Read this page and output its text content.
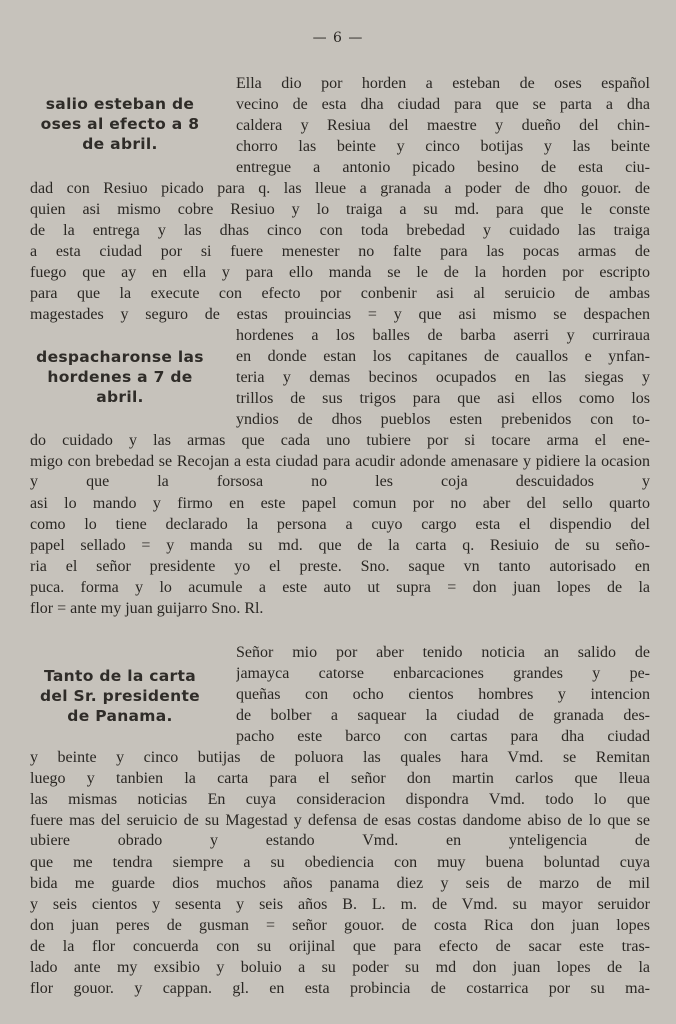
— 6 —
salio esteban de
oses al efecto a 8
de abril.
despacharonse las
hordenes a 7 de
abril.
Ella dio por horden a esteban de oses español
vecino de esta dha ciudad para que se parta a dha
caldera y Resiua del maestre y dueño del chin-
chorro las beinte y cinco botijas y las beinte
entregue a antonio picado besino de esta ciu-
dad con Resiuo picado para q. las lleue a granada a poder de dho gouor. de
quien asi mismo cobre Resiuo y lo traiga a su md. para que le conste
de la entrega y las dhas cinco con toda brebedad y cuidado las traiga
a esta ciudad por si fuere menester no falte para las pocas armas de
fuego que ay en ella y para ello manda se le de la horden por escripto
para que la execute con efecto por conbenir asi al seruicio de ambas
magestades y seguro de estas prouincias = y que asi mismo se despachen
hordenes a los balles de barba aserri y curriraua
en donde estan los capitanes de cauallos e ynfan-
teria y demas becinos ocupados en las siegas y
trillos de sus trigos para que asi ellos como los
yndios de dhos pueblos esten prebenidos con to-
do cuidado y las armas que cada uno tubiere por si tocare arma el ene-
migo con brebedad se Recojan a esta ciudad para acudir adonde amenasare y pidiere la ocasion y que la forsosa no les coja descuidados y
asi lo mando y firmo en este papel comun por no aber del sello quarto
como lo tiene declarado la persona a cuyo cargo esta el dispendio del
papel sellado = y manda su md. que de la carta q. Resiuio de su seño-
ria el señor presidente yo el preste. Sno. saque vn tanto autorisado en
puca. forma y lo acumule a este auto ut supra = don juan lopes de la
flor = ante my juan guijarro Sno. Rl.
Tanto de la carta
del Sr. presidente
de Panama.
Señor mio por aber tenido noticia an salido de
jamayca catorse enbarcaciones grandes y pe-
queñas con ocho cientos hombres y intencion
de bolber a saquear la ciudad de granada des-
pacho este barco con cartas para dha ciudad
y beinte y cinco butijas de poluora las quales hara Vmd. se Remitan
luego y tanbien la carta para el señor don martin carlos que lleua
las mismas noticias En cuya consideracion dispondra Vmd. todo lo que
fuere mas del seruicio de su Magestad y defensa de esas costas dandome abiso de lo que se ubiere obrado y estando Vmd. en ynteligencia de
que me tendra siempre a su obediencia con muy buena boluntad cuya
bida me guarde dios muchos años panama diez y seis de marzo de mil
y seis cientos y sesenta y seis años B. L. m. de Vmd. su mayor seruidor
don juan peres de gusman = señor gouor. de costa Rica don juan lopes
de la flor concuerda con su orijinal que para efecto de sacar este tras-
lado ante my exsibio y boluio a su poder su md don juan lopes de la
flor gouor. y cappan. gl. en esta probincia de costarrica por su ma-
